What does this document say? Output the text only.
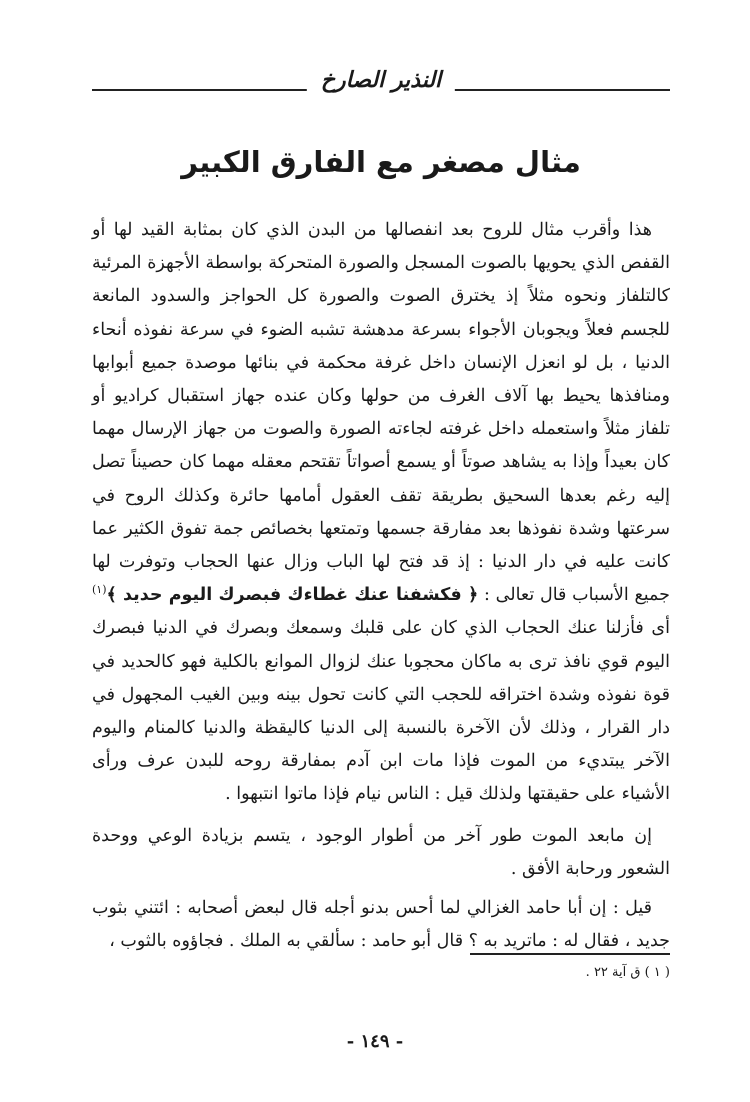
النذير الصارخ
مثال مصغر مع الفارق الكبير

هذا وأقرب مثال للروح بعد انفصالها من البدن الذي كان بمثابة القيد لها أو القفص الذي يحويها بالصوت المسجل والصورة المتحركة بواسطة الأجهزة المرئية كالتلفاز ونحوه مثلاً إذ يخترق الصوت والصورة كل الحواجز والسدود المانعة للجسم فعلاً ويجوبان الأجواء بسرعة مدهشة تشبه الضوء في سرعة نفوذه أنحاء الدنيا ، بل لو انعزل الإنسان داخل غرفة محكمة في بنائها موصدة جميع أبوابها ومنافذها يحيط بها آلاف الغرف من حولها وكان عنده جهاز استقبال كراديو أو تلفاز مثلاً واستعمله داخل غرفته لجاءته الصورة والصوت من جهاز الإرسال مهما كان بعيداً وإذا به يشاهد صوتاً أو يسمع أصواتاً تقتحم معقله مهما كان حصيناً تصل إليه رغم بعدها السحيق بطريقة تقف العقول أمامها حائرة وكذلك الروح في سرعتها وشدة نفوذها بعد مفارقة جسمها وتمتعها بخصائص جمة تفوق الكثير عما كانت عليه في دار الدنيا : إذ قد فتح لها الباب وزال عنها الحجاب وتوفرت لها جميع الأسباب قال تعالى : ﴿ فكشفنا عنك غطاءك فبصرك اليوم حديد ﴾$^{(١)}$ أى فأزلنا عنك الحجاب الذي كان على قلبك وسمعك وبصرك في الدنيا فبصرك اليوم قوي نافذ ترى به ماكان محجوبا عنك لزوال الموانع بالكلية فهو كالحديد في قوة نفوذه وشدة اختراقه للحجب التي كانت تحول بينه وبين الغيب المجهول في دار القرار ، وذلك لأن الآخرة بالنسبة إلى الدنيا كاليقظة والدنيا كالمنام واليوم الآخر يبتديء من الموت فإذا مات ابن آدم بمفارقة روحه للبدن عرف ورأى الأشياء على حقيقتها ولذلك قيل : الناس نيام فإذا ماتوا انتبهوا .

إن مابعد الموت طور آخر من أطوار الوجود ، يتسم بزيادة الوعي ووحدة الشعور ورحابة الأفق .

قيل : إن أبا حامد الغزالي لما أحس بدنو أجله قال لبعض أصحابه : ائتني بثوب جديد ، فقال له : ماتريد به ؟ قال أبو حامد : سألقي به الملك . فجاؤوه بالثوب ،

( ١ ) ق آية ٢٢ .
- ١٤٩ -
